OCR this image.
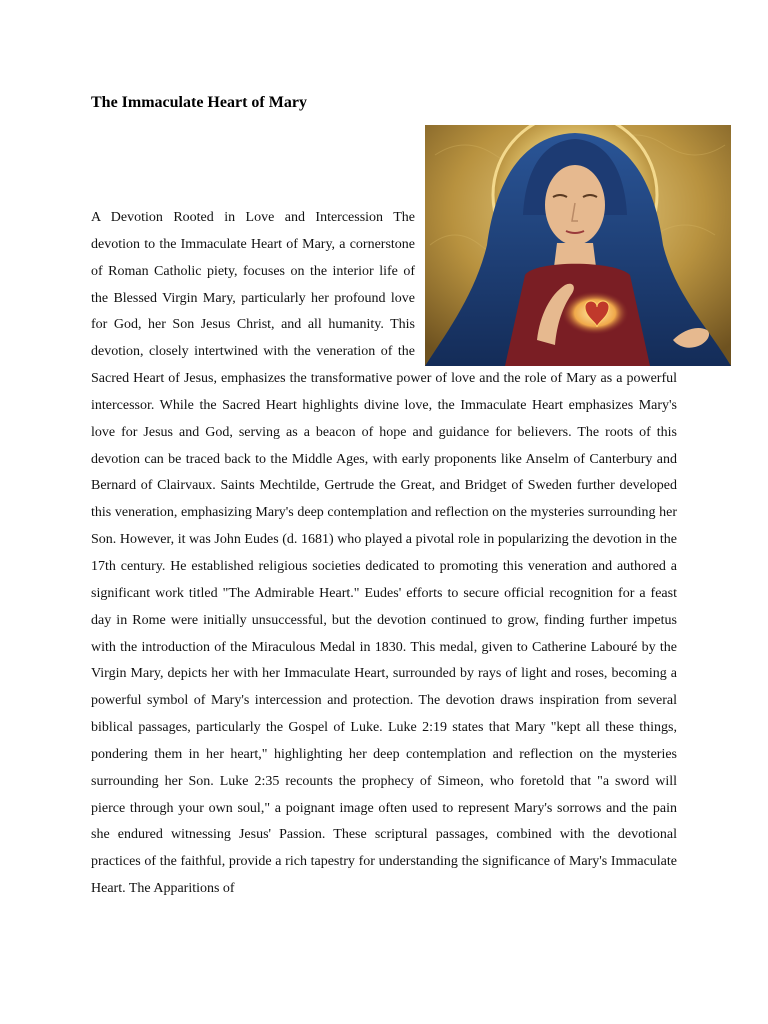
The Immaculate Heart of Mary

A Devotion Rooted in Love and Intercession The devotion to the Immaculate Heart of Mary, a cornerstone of Roman Catholic piety, focuses on the interior life of the Blessed Virgin Mary, particularly her profound love for God, her Son Jesus Christ, and all humanity. This devotion, closely intertwined with the veneration of the Sacred Heart of Jesus, emphasizes the transformative power of love and the role of Mary as a powerful intercessor. While the Sacred Heart highlights divine love, the Immaculate Heart emphasizes Mary's love for Jesus and God, serving as a beacon of hope and guidance for believers. The roots of this devotion can be traced back to the Middle Ages, with early proponents like Anselm of Canterbury and Bernard of Clairvaux. Saints Mechtilde, Gertrude the Great, and Bridget of Sweden further developed this veneration, emphasizing Mary's deep contemplation and reflection on the mysteries surrounding her Son. However, it was John Eudes (d. 1681) who played a pivotal role in popularizing the devotion in the 17th century. He established religious societies dedicated to promoting this veneration and authored a significant work titled "The Admirable Heart." Eudes' efforts to secure official recognition for a feast day in Rome were initially unsuccessful, but the devotion continued to grow, finding further impetus with the introduction of the Miraculous Medal in 1830. This medal, given to Catherine Labouré by the Virgin Mary, depicts her with her Immaculate Heart, surrounded by rays of light and roses, becoming a powerful symbol of Mary's intercession and protection. The devotion draws inspiration from several biblical passages, particularly the Gospel of Luke. Luke 2:19 states that Mary "kept all these things, pondering them in her heart," highlighting her deep contemplation and reflection on the mysteries surrounding her Son. Luke 2:35 recounts the prophecy of Simeon, who foretold that "a sword will pierce through your own soul," a poignant image often used to represent Mary's sorrows and the pain she endured witnessing Jesus' Passion. These scriptural passages, combined with the devotional practices of the faithful, provide a rich tapestry for understanding the significance of Mary's Immaculate Heart. The Apparitions of
